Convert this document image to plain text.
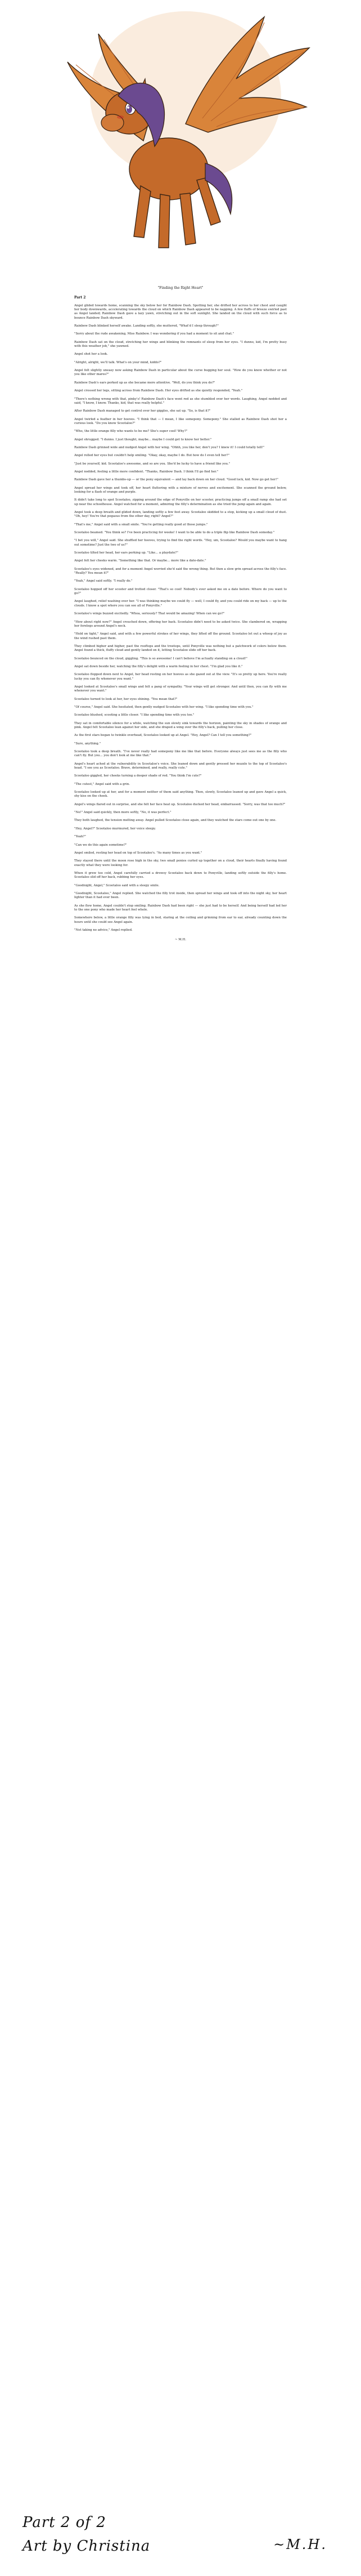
"Finding the Right Heart"
Part 2

Angel glided towards home, scanning the sky below her for Rainbow Dash. Spotting her, she drifted her across to her chest and caught her body downwards, accelerating towards the cloud on which Rainbow Dash appeared to be napping. A few fluffs of breeze swirled past as Angel landed; Rainbow Dash gave a lazy yawn, stretching out in the soft sunlight. She landed on the cloud with such force as to bounce Rainbow Dash skyward.

Rainbow Dash blinked herself awake. Landing softly, she muttered, "What'd I sleep through?"

"Sorry about the rude awakening, Miss Rainbow. I was wondering if you had a moment to sit and chat."

Rainbow Dash sat on the cloud, stretching her wings and blinking the remnants of sleep from her eyes. "I dunno, kid, I'm pretty busy with this weather job," she yawned.

Angel shot her a look.

"Alright, alright, we'll talk. What's on your mind, kiddo?"

Angel felt slightly uneasy now asking Rainbow Dash in particular about the curse bugging her soul. "How do you know whether or not you like other mares?"

Rainbow Dash's ears perked up as she became more attentive. "Well, do you think you do?"

Angel crossed her legs, sitting across from Rainbow Dash. Her eyes drifted as she quietly responded, "Yeah."

"There's nothing wrong with that, pinky's! Rainbow Dash's face went red as she stumbled over her words. Laughing, Angel nodded and said, "I know, I know. Thanks, kid, that was really helpful."

After Rainbow Dash managed to get control over her giggles, she sat up. "So, is that it?"

Angel twirled a feather in her hooves. "I think that — I mean, I like somepony. Somepony." She stalled as Rainbow Dash shot her a curious look. "Do you know Scootaloo?"

"Who, the little orange filly who wants to be me? She's super cool! Why?"

Angel shrugged. "I dunno. I just thought, maybe... maybe I could get to know her better."

Rainbow Dash grinned wide and nudged Angel with her wing. "Ohhh, you like her, don't you? I knew it! I could totally tell!"

Angel rolled her eyes but couldn't help smiling. "Okay, okay, maybe I do. But how do I even tell her?"

"Just be yourself, kid. Scootaloo's awesome, and so are you. She'd be lucky to have a friend like you."

Angel nodded, feeling a little more confident. "Thanks, Rainbow Dash. I think I'll go find her."

Rainbow Dash gave her a thumbs-up — or the pony equivalent — and lay back down on her cloud. "Good luck, kid. Now go get her!"

Angel spread her wings and took off, her heart fluttering with a mixture of nerves and excitement. She scanned the ground below, looking for a flash of orange and purple.

It didn't take long to spot Scootaloo, zipping around the edge of Ponyville on her scooter, practicing jumps off a small ramp she had set up near the schoolhouse. Angel watched for a moment, admiring the filly's determination as she tried the jump again and again.

Angel took a deep breath and glided down, landing softly a few feet away. Scootaloo skidded to a stop, kicking up a small cloud of dust. "Oh, hey! You're that pegasus from the other day, right? Angel?"

"That's me," Angel said with a small smile. "You're getting really good at those jumps."

Scootaloo beamed. "You think so? I've been practicing for weeks! I want to be able to do a triple flip like Rainbow Dash someday."

"I bet you will," Angel said. She shuffled her hooves, trying to find the right words. "Hey, um, Scootaloo? Would you maybe want to hang out sometime? Just the two of us?"

Scootaloo tilted her head, her ears perking up. "Like... a playdate?"

Angel felt her cheeks warm. "Something like that. Or maybe... more like a date-date."

Scootaloo's eyes widened, and for a moment Angel worried she'd said the wrong thing. But then a slow grin spread across the filly's face. "Really? You mean it?"

"Yeah," Angel said softly. "I really do."

Scootaloo hopped off her scooter and trotted closer. "That's so cool! Nobody's ever asked me on a date before. Where do you want to go?"

Angel laughed, relief washing over her. "I was thinking maybe we could fly — well, I could fly, and you could ride on my back — up to the clouds. I know a spot where you can see all of Ponyville."

Scootaloo's wings buzzed excitedly. "Whoa, seriously? That would be amazing! When can we go?"

"How about right now?" Angel crouched down, offering her back. Scootaloo didn't need to be asked twice. She clambered on, wrapping her forelegs around Angel's neck.

"Hold on tight," Angel said, and with a few powerful strokes of her wings, they lifted off the ground. Scootaloo let out a whoop of joy as the wind rushed past them.

They climbed higher and higher, past the rooftops and the treetops, until Ponyville was nothing but a patchwork of colors below them. Angel found a thick, fluffy cloud and gently landed on it, letting Scootaloo slide off her back.

Scootaloo bounced on the cloud, giggling. "This is so awesome! I can't believe I'm actually standing on a cloud!"

Angel sat down beside her, watching the filly's delight with a warm feeling in her chest. "I'm glad you like it."

Scootaloo flopped down next to Angel, her head resting on her hooves as she gazed out at the view. "It's so pretty up here. You're really lucky you can fly whenever you want."

Angel looked at Scootaloo's small wings and felt a pang of sympathy. "Your wings will get stronger. And until then, you can fly with me whenever you want."

Scootaloo turned to look at her, her eyes shining. "You mean that?"

"Of course," Angel said. She hesitated, then gently nudged Scootaloo with her wing. "I like spending time with you."

Scootaloo blushed, scooting a little closer. "I like spending time with you too."

They sat in comfortable silence for a while, watching the sun slowly sink towards the horizon, painting the sky in shades of orange and pink. Angel felt Scootaloo lean against her side, and she draped a wing over the filly's back, pulling her close.

As the first stars began to twinkle overhead, Scootaloo looked up at Angel. "Hey, Angel? Can I tell you something?"

"Sure, anything."

Scootaloo took a deep breath. "I've never really had somepony like me like that before. Everyone always just sees me as the filly who can't fly. But you... you don't look at me like that."

Angel's heart ached at the vulnerability in Scootaloo's voice. She leaned down and gently pressed her muzzle to the top of Scootaloo's head. "I see you as Scootaloo. Brave, determined, and really, really cute."

Scootaloo giggled, her cheeks turning a deeper shade of red. "You think I'm cute?"

"The cutest," Angel said with a grin.

Scootaloo looked up at her, and for a moment neither of them said anything. Then, slowly, Scootaloo leaned up and gave Angel a quick, shy kiss on the cheek.

Angel's wings flared out in surprise, and she felt her face heat up. Scootaloo ducked her head, embarrassed. "Sorry, was that too much?"

"No!" Angel said quickly, then more softly, "No, it was perfect."

They both laughed, the tension melting away. Angel pulled Scootaloo close again, and they watched the stars come out one by one.

"Hey, Angel?" Scootaloo murmured, her voice sleepy.

"Yeah?"

"Can we do this again sometime?"

Angel smiled, resting her head on top of Scootaloo's. "As many times as you want."

They stayed there until the moon rose high in the sky, two small ponies curled up together on a cloud, their hearts finally having found exactly what they were looking for.

When it grew too cold, Angel carefully carried a drowsy Scootaloo back down to Ponyville, landing softly outside the filly's home. Scootaloo slid off her back, rubbing her eyes.

"Goodnight, Angel," Scootaloo said with a sleepy smile.

"Goodnight, Scootaloo," Angel replied. She watched the filly trot inside, then spread her wings and took off into the night sky, her heart lighter than it had ever been.

As she flew home, Angel couldn't stop smiling. Rainbow Dash had been right — she just had to be herself. And being herself had led her to the one pony who made her heart feel whole.

Somewhere below, a little orange filly was lying in bed, staring at the ceiling and grinning from ear to ear, already counting down the hours until she could see Angel again.

"Not taking no advice," Angel replied.

~ M.H.
Part 2 of 2
Art by Christina	~M.H.
